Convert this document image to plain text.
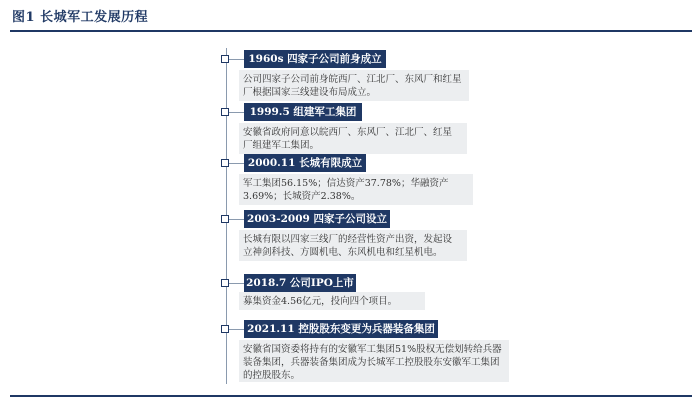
图1 长城军工发展历程
1960s 四家子公司前身成立
公司四家子公司前身皖西厂、江北厂、东风厂和红星厂根据国家三线建设布局成立。
1999.5 组建军工集团
安徽省政府同意以皖西厂、东风厂、江北厂、红星厂组建军工集团。
2000.11 长城有限成立
军工集团56.15%；信达资产37.78%；华融资产3.69%；长城资产2.38%。
2003-2009 四家子公司设立
长城有限以四家三线厂的经营性资产出资，发起设立神剑科技、方圆机电、东风机电和红星机电。
2018.7 公司IPO上市
募集资金4.56亿元，投向四个项目。
2021.11 控股股东变更为兵器装备集团
安徽省国资委将持有的安徽军工集团51%股权无偿划转给兵器装备集团，兵器装备集团成为长城军工控股股东安徽军工集团的控股股东。
